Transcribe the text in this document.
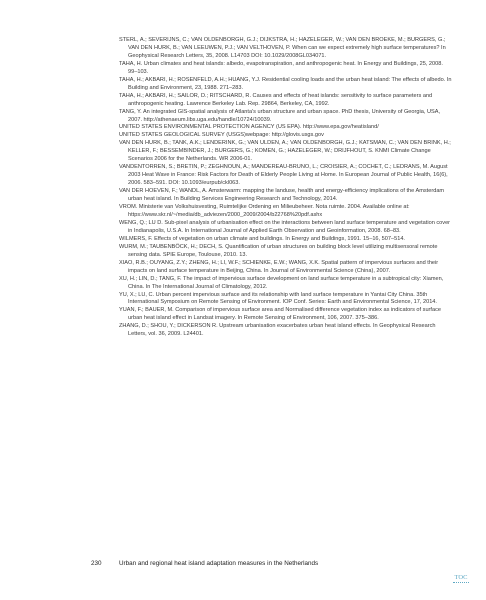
STERL, A.; SEVERIJNS, C.; VAN OLDENBORGH, G.J.; DIJKSTRA, H.; HAZELEGER, W.; VAN DEN BROEKE, M.; BURGERS, G.; VAN DEN HURK, B.; VAN LEEUWEN, P.J.; VAN VELTHOVEN, P. When can we expect extremely high surface temperatures? In Geophysical Research Letters, 35, 2008. L14703 DOI: 10.1029/2008GL034071.
TAHA, H. Urban climates and heat islands: albedo, evapotranspiration, and anthropogenic heat. In Energy and Buildings, 25, 2008. 99–103.
TAHA, H.; AKBARI, H.; ROSENFELD, A.H.; HUANG, Y.J. Residential cooling loads and the urban heat island: The effects of albedo. In Building and Environment, 23, 1988. 271–283.
TAHA, H.; AKBARI, H.; SAILOR, D.; RITSCHARD, R. Causes and effects of heat islands: sensitivity to surface parameters and anthropogenic heating. Lawrence Berkeley Lab. Rep. 29864, Berkeley, CA, 1992.
TANG, Y. An integrated GIS-spatial analysis of Atlanta's urban structure and urban space. PhD thesis, University of Georgia, USA, 2007. http://athenaeum.libs.uga.edu/handle/10724/10039.
UNITED STATES ENVIRONMENTAL PROTECTION AGENCY (US EPA). http://www.epa.gov/heatisland/
UNITED STATES GEOLOGICAL SURVEY (USGS)webpage: http://glovis.usgs.gov
VAN DEN HURK, B.; TANK, A.K.; LENDERINK, G.; VAN ULDEN, A.; VAN OLDENBORGH, G.J.; KATSMAN, C.; VAN DEN BRINK, H.; KELLER, F.; BESSEMBINDER, J.; BURGERS, G.; KOMEN, G.; HAZELEGER, W.; DRIJFHOUT, S. KNMI Climate Change Scenarios 2006 for the Netherlands. WR 2006-01.
VANDENTORREN, S.; BRETIN, P.; ZEGHNOUN, A.; MANDEREAU-BRUNO, L.; CROISIER, A.; COCHET, C.; LEDRANS, M. August 2003 Heat Wave in France: Risk Factors for Death of Elderly People Living at Home. In European Journal of Public Health, 16(6), 2006. 583–591. DOI: 10.1093/eurpub/ckl063.
VAN DER HOEVEN, F.; WANDL, A. Amsterwarm: mapping the landuse, health and energy-efficiency implications of the Amsterdam urban heat island. In Building Services Engineering Research and Technology, 2014.
VROM. Ministerie van Volkshuisvesting, Ruimtelijke Ordening en Milieubeheer. Nota ruimte. 2004. Available online at: https://www.skr.nl/~/media/db_adviezen/2000_2009/2004/b22768%20pdf.ashx
WENG, Q.; LU D. Sub-pixel analysis of urbanisation effect on the interactions between land surface temperature and vegetation cover in Indianapolis, U.S.A. In International Journal of Applied Earth Observation and Geoinformation, 2008. 68–83.
WILMERS, F. Effects of vegetation on urban climate and buildings. In Energy and Buildings, 1991. 15–16, 507–514.
WURM, M.; TAUBENBÖCK, H.; DECH, S. Quantification of urban structures on building block level utilizing multisensoral remote sensing data. SPIE Europe, Toulouse, 2010. 13.
XIAO, R.B.; OUYANG, Z.Y.; ZHENG, H.; LI, W.F.; SCHIENKE, E.W.; WANG, X.K. Spatial pattern of impervious surfaces and their impacts on land surface temperature in Beijing, China. In Journal of Environmental Science (China), 2007.
XU, H.; LIN, D.; TANG, F. The impact of impervious surface development on land surface temperature in a subtropical city: Xiamen, China. In The International Journal of Climatology, 2012.
YU, X.; LU, C. Urban percent impervious surface and its relationship with land surface temperature in Yantai City China. 35th International Symposium on Remote Sensing of Environment. IOP Conf. Series: Earth and Environmental Science, 17, 2014.
YUAN, F.; BAUER, M. Comparison of impervious surface area and Normalised difference vegetation index as indicators of surface urban heat island effect in Landsat imagery. In Remote Sensing of Environment, 106, 2007. 375–386.
ZHANG, D.; SHOU, Y.; DICKERSON R. Upstream urbanisation exacerbates urban heat island effects. In Geophysical Research Letters, vol. 36, 2009. L24401.
230	Urban and regional heat island adaptation measures in the Netherlands
TOC
